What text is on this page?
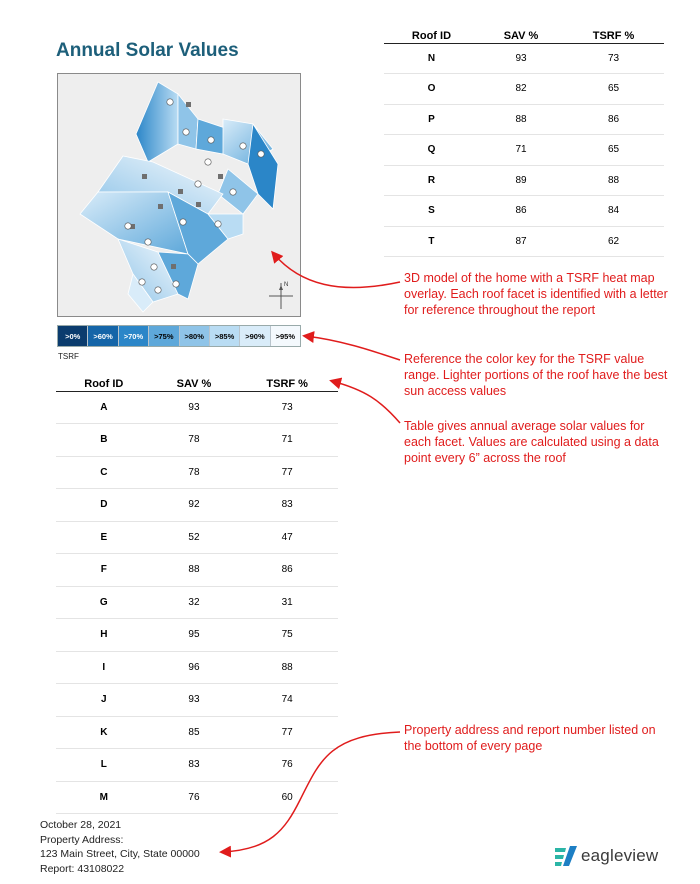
Annual Solar Values
N
>0%	>60%	>70%	>75%	>80%	>85%	>90%	>95%
TSRF
Roof ID	SAV %	TSRF %
A	93	73
B	78	71
C	78	77
D	92	83
E	52	47
F	88	86
G	32	31
H	95	75
I	96	88
J	93	74
K	85	77
L	83	76
M	76	60
Roof ID	SAV %	TSRF %
N	93	73
O	82	65
P	88	86
Q	71	65
R	89	88
S	86	84
T	87	62
3D model of the home with a TSRF heat map overlay. Each roof facet is identified with a letter for reference throughout the report
Reference the color key for the TSRF value range. Lighter portions of the roof have the best sun access values
Table gives annual average solar values for each facet. Values are calculated using a data point every 6” across the roof
Property address and report number listed on the bottom of every page
October 28, 2021
Property Address:
123 Main Street, City, State 00000
Report: 43108022
eagleview
